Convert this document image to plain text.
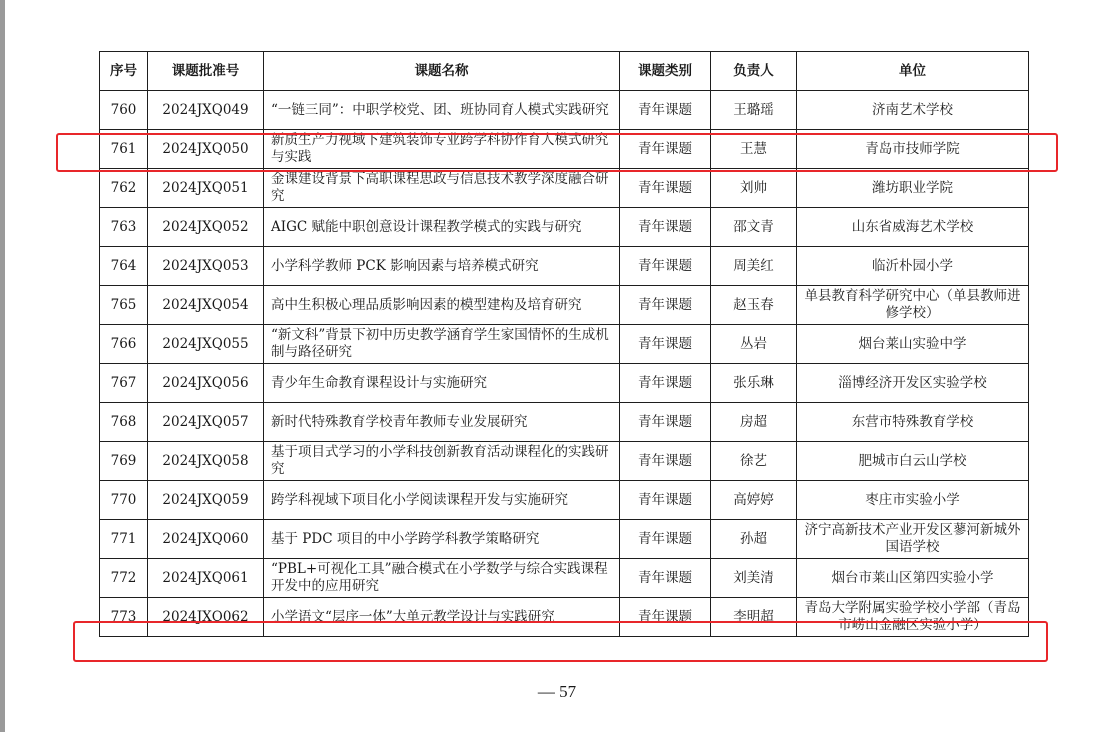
序号	课题批准号	课题名称	课题类别	负责人	单位
760	2024JXQ049	“一链三同”：中职学校党、团、班协同育人模式实践研究	青年课题	王璐瑶	济南艺术学校
761	2024JXQ050	新质生产力视域下建筑装饰专业跨学科协作育人模式研究与实践	青年课题	王慧	青岛市技师学院
762	2024JXQ051	金课建设背景下高职课程思政与信息技术教学深度融合研究	青年课题	刘帅	潍坊职业学院
763	2024JXQ052	AIGC 赋能中职创意设计课程教学模式的实践与研究	青年课题	邵文青	山东省威海艺术学校
764	2024JXQ053	小学科学教师 PCK 影响因素与培养模式研究	青年课题	周美红	临沂朴园小学
765	2024JXQ054	高中生积极心理品质影响因素的模型建构及培育研究	青年课题	赵玉春	单县教育科学研究中心（单县教师进修学校）
766	2024JXQ055	“新文科”背景下初中历史教学涵育学生家国情怀的生成机制与路径研究	青年课题	丛岩	烟台莱山实验中学
767	2024JXQ056	青少年生命教育课程设计与实施研究	青年课题	张乐琳	淄博经济开发区实验学校
768	2024JXQ057	新时代特殊教育学校青年教师专业发展研究	青年课题	房超	东营市特殊教育学校
769	2024JXQ058	基于项目式学习的小学科技创新教育活动课程化的实践研究	青年课题	徐艺	肥城市白云山学校
770	2024JXQ059	跨学科视域下项目化小学阅读课程开发与实施研究	青年课题	高婷婷	枣庄市实验小学
771	2024JXQ060	基于 PDC 项目的中小学跨学科教学策略研究	青年课题	孙超	济宁高新技术产业开发区蓼河新城外国语学校
772	2024JXQ061	“PBL+可视化工具”融合模式在小学数学与综合实践课程开发中的应用研究	青年课题	刘美清	烟台市莱山区第四实验小学
773	2024JXQ062	小学语文“层序一体”大单元教学设计与实践研究	青年课题	李明超	青岛大学附属实验学校小学部（青岛市崂山金融区实验小学）
— 57
